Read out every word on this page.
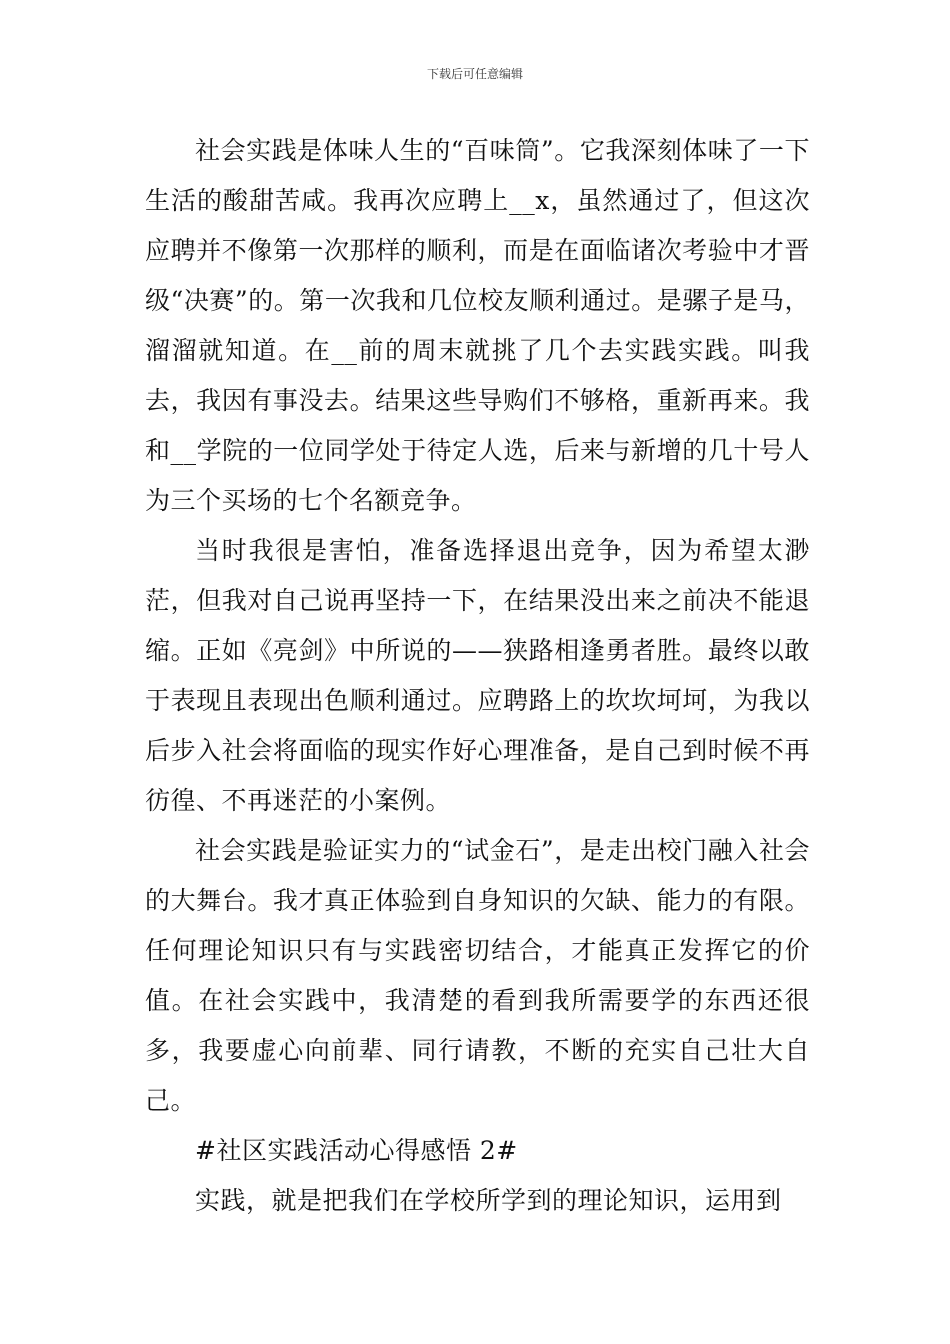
下载后可任意编辑

社会实践是体味人生的“百味筒”。它我深刻体味了一下生活的酸甜苦咸。我再次应聘上__x，虽然通过了，但这次应聘并不像第一次那样的顺利，而是在面临诸次考验中才晋级“决赛”的。第一次我和几位校友顺利通过。是骡子是马，溜溜就知道。在__前的周末就挑了几个去实践实践。叫我去，我因有事没去。结果这些导购们不够格，重新再来。我和__学院的一位同学处于待定人选，后来与新增的几十号人为三个买场的七个名额竞争。

当时我很是害怕，准备选择退出竞争，因为希望太渺茫，但我对自己说再坚持一下，在结果没出来之前决不能退缩。正如《亮剑》中所说的——狭路相逢勇者胜。最终以敢于表现且表现出色顺利通过。应聘路上的坎坎坷坷，为我以后步入社会将面临的现实作好心理准备，是自己到时候不再彷徨、不再迷茫的小案例。

社会实践是验证实力的“试金石”，是走出校门融入社会的大舞台。我才真正体验到自身知识的欠缺、能力的有限。任何理论知识只有与实践密切结合，才能真正发挥它的价值。在社会实践中，我清楚的看到我所需要学的东西还很多，我要虚心向前辈、同行请教，不断的充实自己壮大自己。

#社区实践活动心得感悟 2#

实践，就是把我们在学校所学到的理论知识，运用到
